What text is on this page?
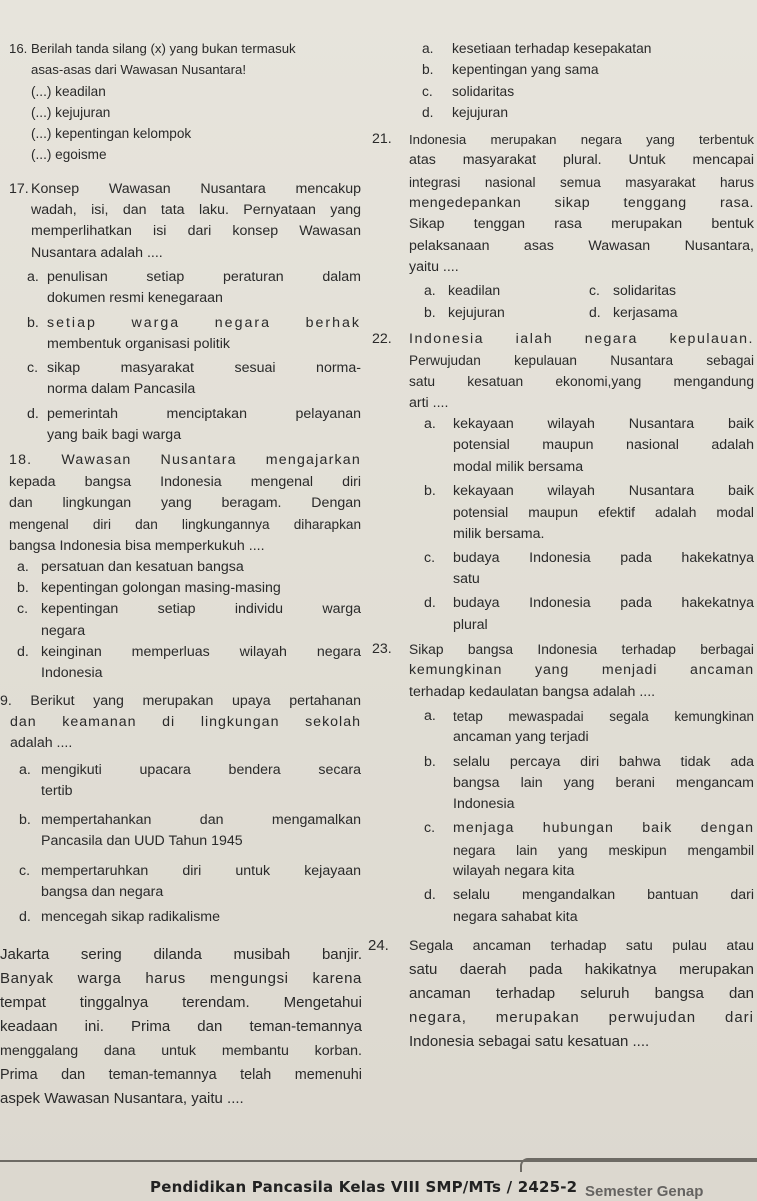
16. Berilah tanda silang (x) yang bukan termasuk
asas-asas dari Wawasan Nusantara!
(...) keadilan
(...) kejujuran
(...) kepentingan kelompok
(...) egoisme
17. Konsep Wawasan Nusantara mencakup
wadah, isi, dan tata laku. Pernyataan yang
memperlihatkan isi dari konsep Wawasan
Nusantara adalah ....
a. penulisan setiap peraturan dalam
dokumen resmi kenegaraan
b. setiap warga negara berhak
membentuk organisasi politik
c. sikap masyarakat sesuai norma-
norma dalam Pancasila
d. pemerintah menciptakan pelayanan
yang baik bagi warga
18. Wawasan Nusantara mengajarkan
kepada bangsa Indonesia mengenal diri
dan lingkungan yang beragam. Dengan
mengenal diri dan lingkungannya diharapkan
bangsa Indonesia bisa memperkukuh ....
a. persatuan dan kesatuan bangsa
b. kepentingan golongan masing-masing
c. kepentingan setiap individu warga
negara
d. keinginan memperluas wilayah negara
Indonesia
9. Berikut yang merupakan upaya pertahanan
dan keamanan di lingkungan sekolah
adalah ....
a. mengikuti upacara bendera secara
tertib
b. mempertahankan dan mengamalkan
Pancasila dan UUD Tahun 1945
c. mempertaruhkan diri untuk kejayaan
bangsa dan negara
d. mencegah sikap radikalisme
Jakarta sering dilanda musibah banjir.
Banyak warga harus mengungsi karena
tempat tinggalnya terendam. Mengetahui
keadaan ini. Prima dan teman-temannya
menggalang dana untuk membantu korban.
Prima dan teman-temannya telah memenuhi
aspek Wawasan Nusantara, yaitu ....
a. kesetiaan terhadap kesepakatan
b. kepentingan yang sama
c. solidaritas
d. kejujuran
21. Indonesia merupakan negara yang terbentuk
atas masyarakat plural. Untuk mencapai
integrasi nasional semua masyarakat harus
mengedepankan sikap tenggang rasa.
Sikap tenggan rasa merupakan bentuk
pelaksanaan asas Wawasan Nusantara,
yaitu ....
a. keadilan	c. solidaritas
b. kejujuran	d. kerjasama
22. Indonesia ialah negara kepulauan.
Perwujudan kepulauan Nusantara sebagai
satu kesatuan ekonomi,yang mengandung
arti ....
a. kekayaan wilayah Nusantara baik
potensial maupun nasional adalah
modal milik bersama
b. kekayaan wilayah Nusantara baik
potensial maupun efektif adalah modal
milik bersama.
c. budaya Indonesia pada hakekatnya
satu
d. budaya Indonesia pada hakekatnya
plural
23. Sikap bangsa Indonesia terhadap berbagai
kemungkinan yang menjadi ancaman
terhadap kedaulatan bangsa adalah ....
a. tetap mewaspadai segala kemungkinan
ancaman yang terjadi
b. selalu percaya diri bahwa tidak ada
bangsa lain yang berani mengancam
Indonesia
c. menjaga hubungan baik dengan
negara lain yang meskipun mengambil
wilayah negara kita
d. selalu mengandalkan bantuan dari
negara sahabat kita
24. Segala ancaman terhadap satu pulau atau
satu daerah pada hakikatnya merupakan
ancaman terhadap seluruh bangsa dan
negara, merupakan perwujudan dari
Indonesia sebagai satu kesatuan ....
Pendidikan Pancasila Kelas VIII SMP/MTs / 2425-2 Semester Genap
